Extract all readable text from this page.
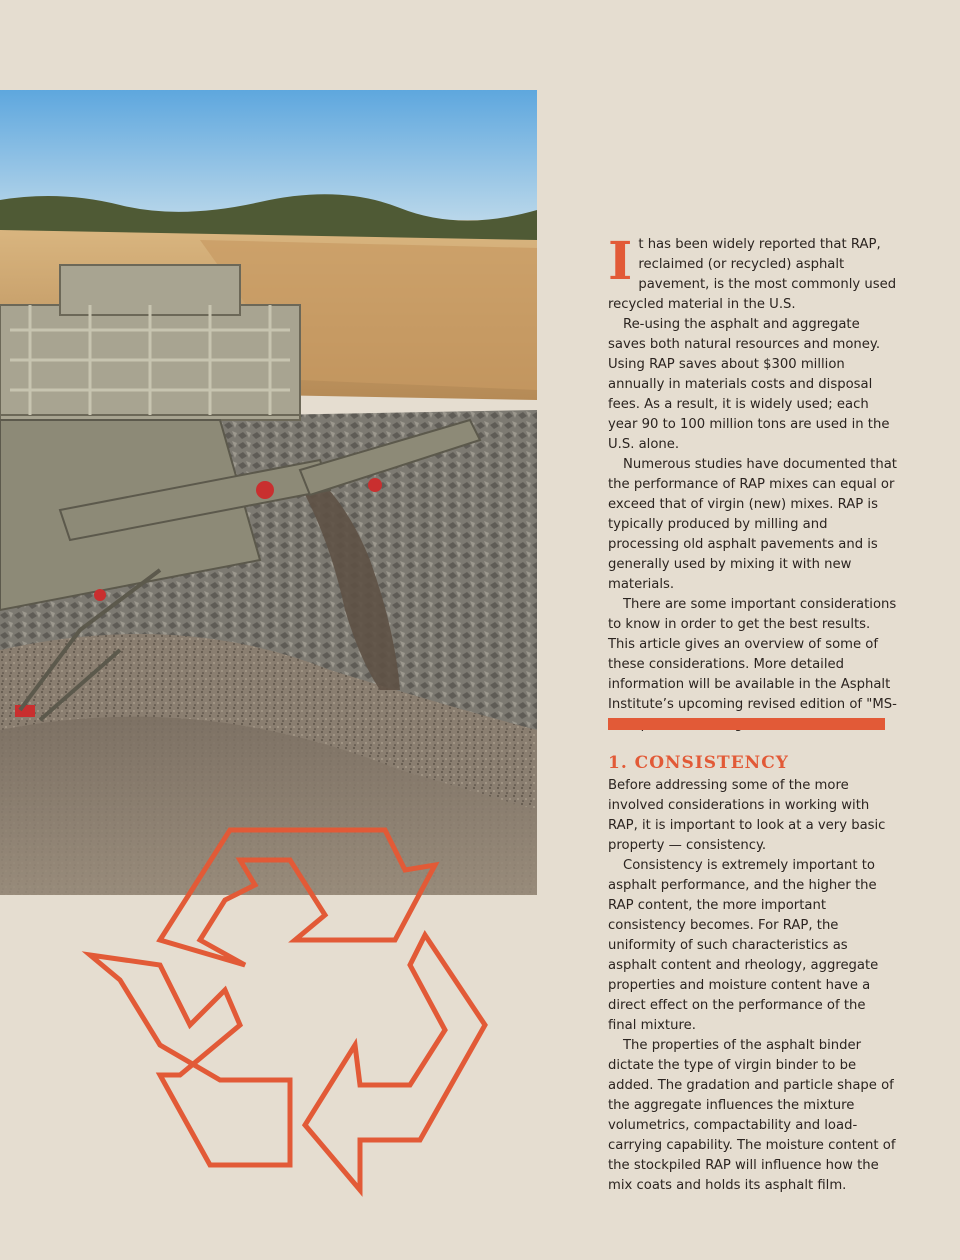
I t has been widely reported that RAP, reclaimed (or recycled) asphalt pavement, is the most commonly used recycled material in the U.S.

Re-using the asphalt and aggregate saves both natural resources and money. Using RAP saves about $300 million annually in materials costs and disposal fees. As a result, it is widely used; each year 90 to 100 million tons are used in the U.S. alone.

Numerous studies have documented that the performance of RAP mixes can equal or exceed that of virgin (new) mixes. RAP is typically produced by milling and processing old asphalt pavements and is generally used by mixing it with new materials.

There are some important considerations to know in order to get the best results. This article gives an overview of some of these considerations. More detailed information will be available in the Asphalt Institute’s upcoming revised edition of "MS-

1. CONSISTENCY

Before addressing some of the more involved considerations in working with RAP, it is important to look at a very basic property — consistency.

Consistency is extremely important to asphalt performance, and the higher the RAP content, the more important consistency becomes. For RAP, the uniformity of such characteristics as asphalt content and rheology, aggregate properties and moisture content have a direct effect on the performance of the final mixture.

The properties of the asphalt binder dictate the type of virgin binder to be added. The gradation and particle shape of the aggregate influences the mixture volumetrics, compactability and load-carrying capability. The moisture content of the stockpiled RAP will influence how the mix coats and holds its asphalt film.
